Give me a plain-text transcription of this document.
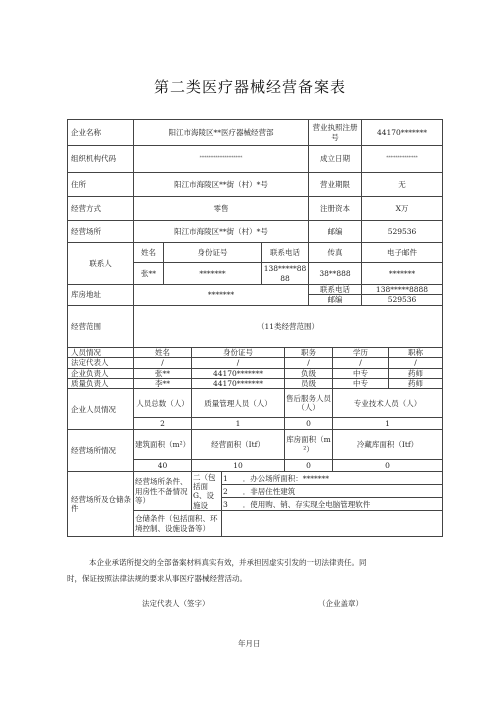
第二类医疗器械经营备案表
企业名称	阳江市海陵区**医疗器械经营部						营业执照注册号		44170*******	
组织机构代码	*******************						成立日期		**************	
住所	阳江市海陵区**街（村）*号						营业期限		无	
经营方式	零售						注册资本		X万	
经营场所	阳江市海陵区**街（村）*号						邮编		529536	
联系人	姓名	身份证号			联系电话		传真		电子邮件	
	张**	*******			138*****8888		38**888		*******	
库房地址	*******						联系电话		138*****8888	
							邮编		529536	
经营范围	（11类经营范围）									
人员情况	姓名		身份证号			职务		学历		职称
法定代表人	/		/			/		/		/
企业负责人	张**		44170*******			负级		中专		药师
质量负责人	李**		44170*******			员级		中专		药师
企业人员情况	人员总数（人）		质量管理人员（人）			售后服务人员（人）		专业技术人员（人）		
	2		1			0		1		
经营场所情况	建筑面积（m²）		经营面积（Itf）			库房面积（m²）		冷藏库面积（Itf）		
	40		10			0		0		
经营场所及仓储条件	经营场所条件、用房性不备情况等）		二（包括面G、设施设	1　　．办公场所面积：*******						
				2　　．非居住性建筑						
				3　　．使用购、销、存实现全电脑管理软件						
	仓储条件（包括面积、环境控制、设施设备等）									
本企业承诺所提交的全部备案材料真实有效，并承担因虚实引发的一切法律责任。同
时，保证按照法律法规的要求从事医疗器械经营活动。
法定代表人（签字）	（企业盖章）
年月日
